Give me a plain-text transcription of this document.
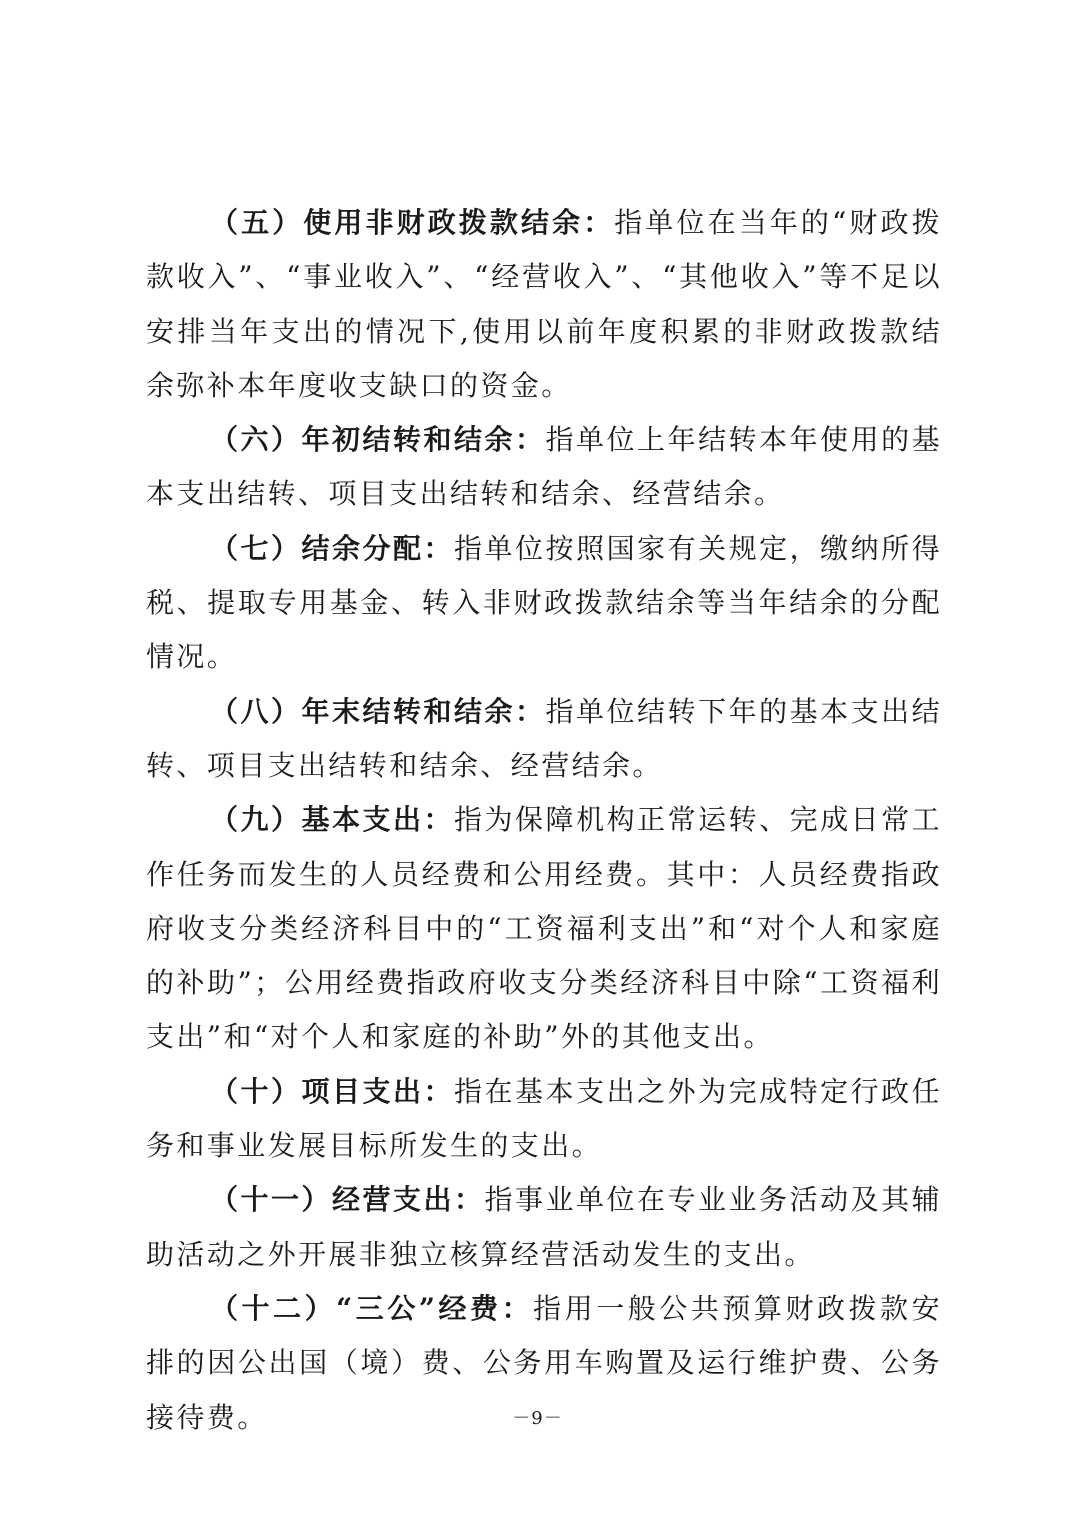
（五）使用非财政拨款结余：指单位在当年的“财政拨款收入”、“事业收入”、“经营收入”、“其他收入”等不足以安排当年支出的情况下,使用以前年度积累的非财政拨款结余弥补本年度收支缺口的资金。

（六）年初结转和结余：指单位上年结转本年使用的基本支出结转、项目支出结转和结余、经营结余。

（七）结余分配：指单位按照国家有关规定，缴纳所得税、提取专用基金、转入非财政拨款结余等当年结余的分配情况。

（八）年末结转和结余：指单位结转下年的基本支出结转、项目支出结转和结余、经营结余。

（九）基本支出：指为保障机构正常运转、完成日常工作任务而发生的人员经费和公用经费。其中：人员经费指政府收支分类经济科目中的“工资福利支出”和“对个人和家庭的补助”；公用经费指政府收支分类经济科目中除“工资福利支出”和“对个人和家庭的补助”外的其他支出。

（十）项目支出：指在基本支出之外为完成特定行政任务和事业发展目标所发生的支出。

（十一）经营支出：指事业单位在专业业务活动及其辅助活动之外开展非独立核算经营活动发生的支出。

（十二）“三公”经费：指用一般公共预算财政拨款安排的因公出国（境）费、公务用车购置及运行维护费、公务接待费。	－9－
